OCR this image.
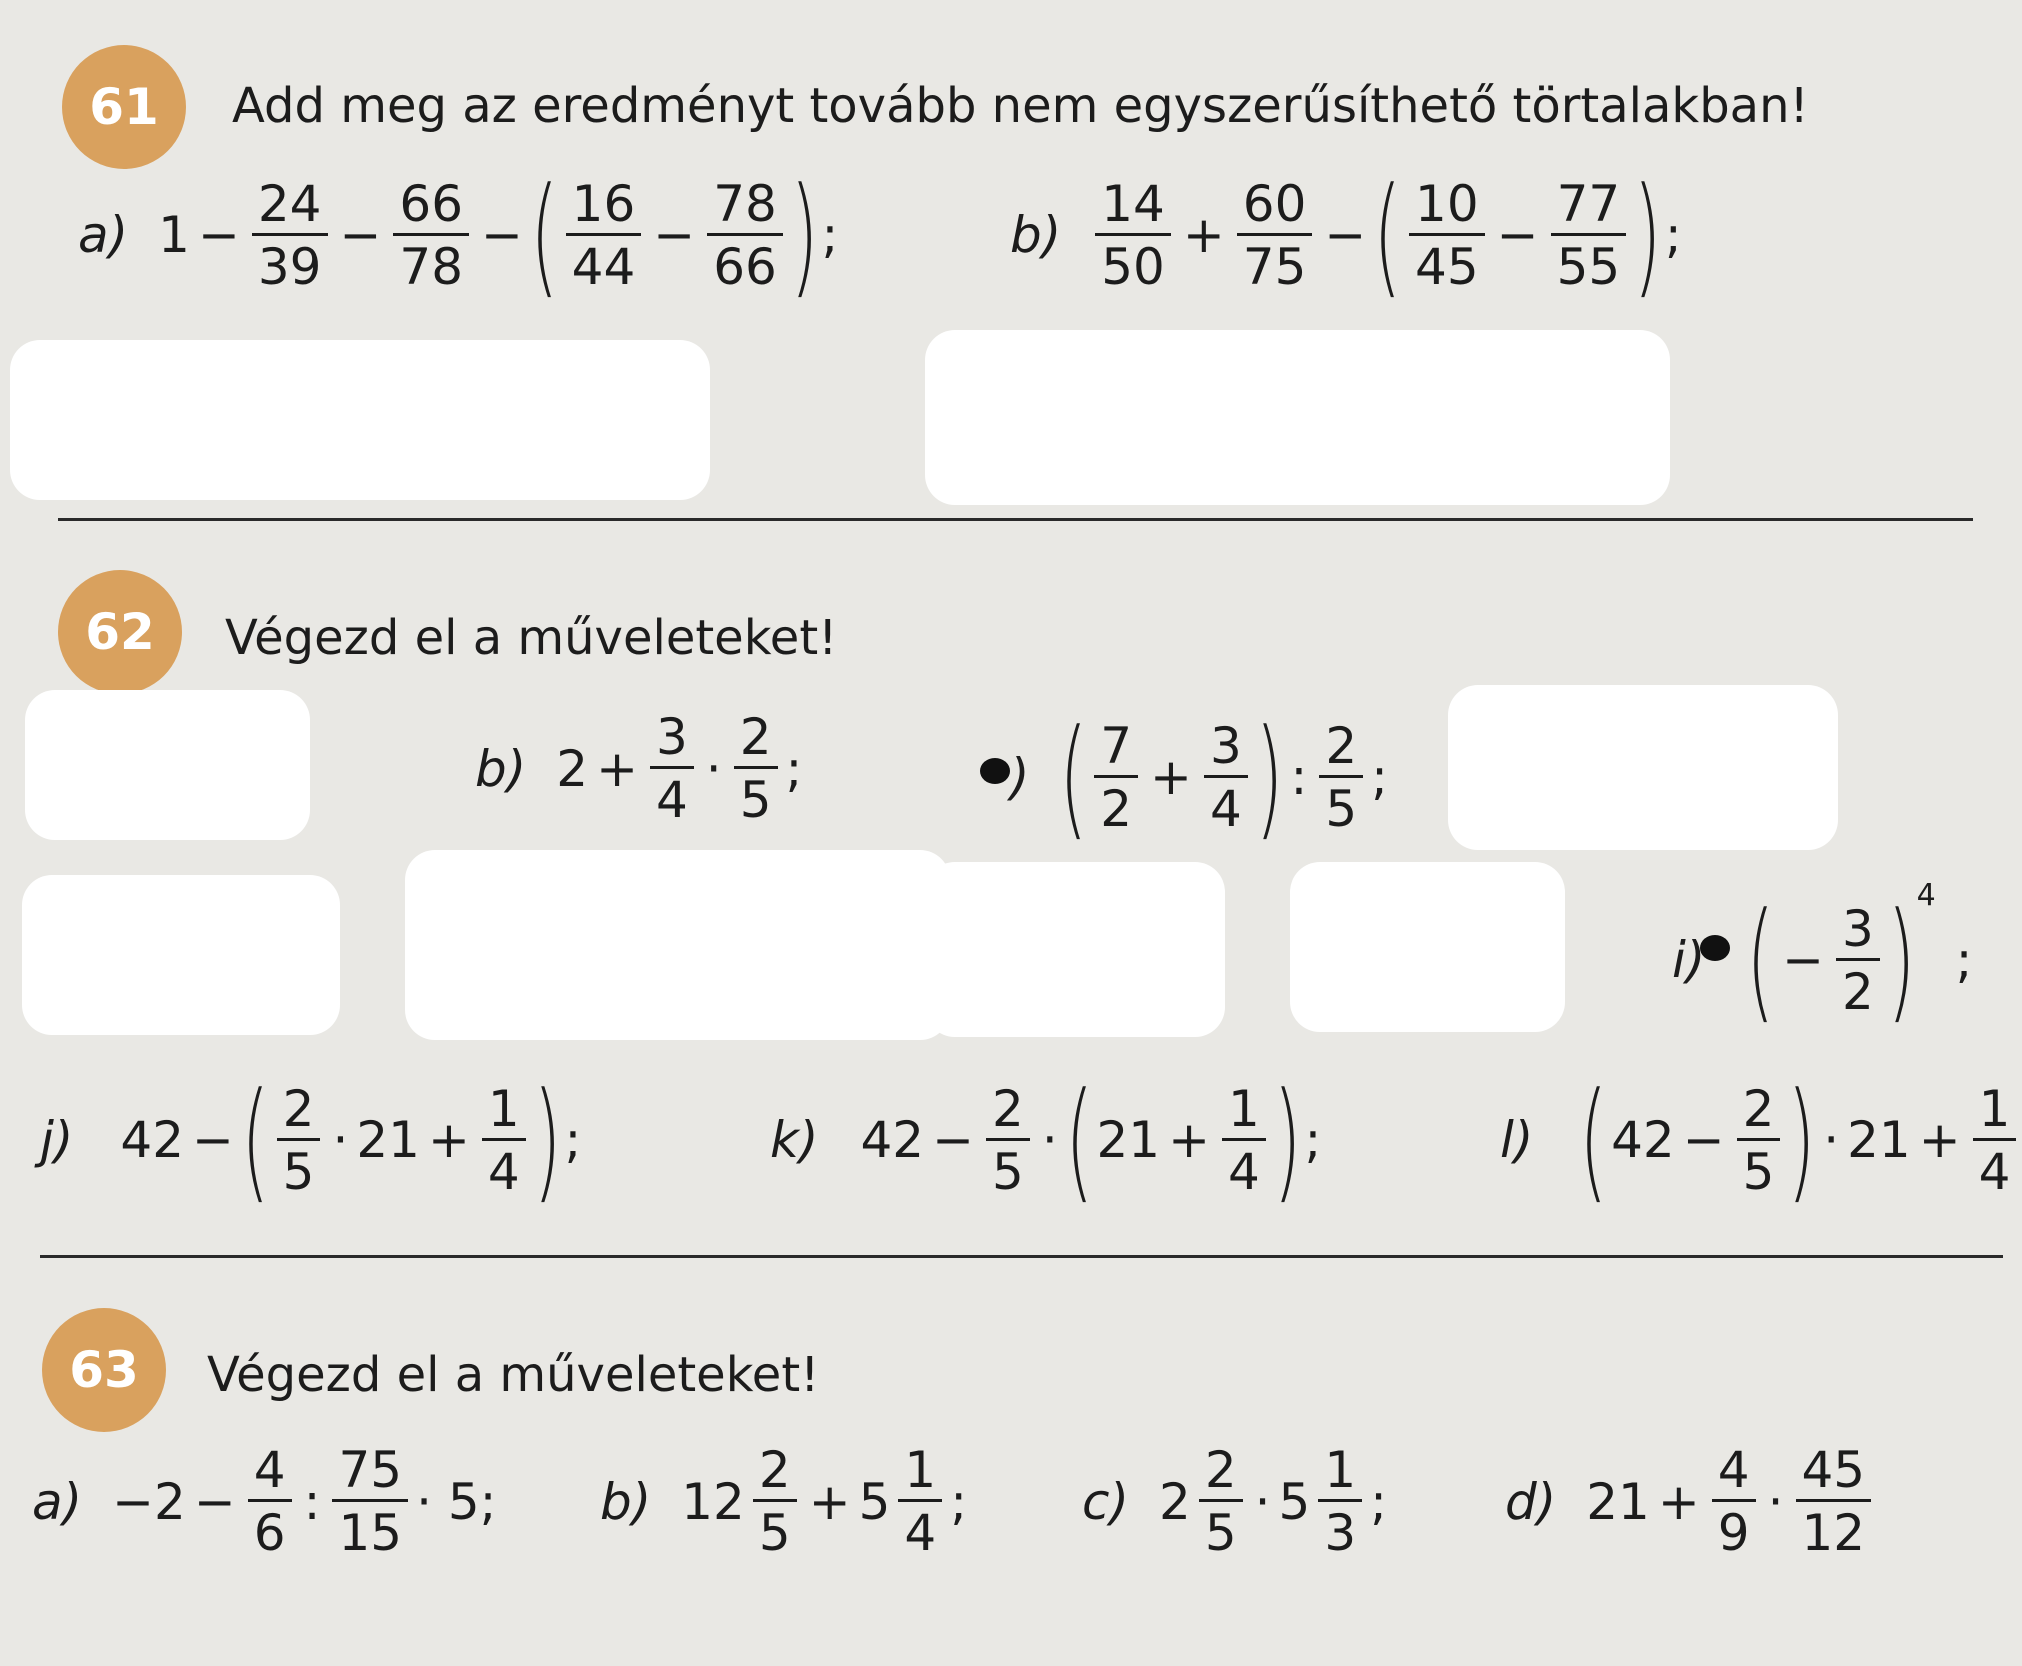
61	Add meg az eredményt tovább nem egyszerűsíthető törtalakban!
a) $1 - \frac{24}{39} - \frac{66}{78}$ − ( $\frac{16}{44} - \frac{78}{66}$ ) ;	$b) \frac{14}{50} + \frac{60}{75}$ − ( $\frac{10}{45} - \frac{77}{55}$ ) ;
62	Végezd el a műveleteket!
b) $2 + \frac{3}{4} \cdot \frac{2}{5}$ ;	) ( $\frac{7}{2} + \frac{3}{4}$ ) : $\frac{2}{5}$ ;
i) ( − $\frac{3}{2}$ ) 4
;
j) 42 − ( $\frac{2}{5} \cdot 21 + \frac{1}{4}$ ) ;	k) $42 - \frac{2}{5}$ · ( $21 + \frac{1}{4}$ ) ;	l) ( $42 - \frac{2}{5}$ ) · $21 + \frac{1}{4}$
63	Végezd el a műveleteket!
$a) -2 - \frac{4}{6}$ : $\frac{75}{15} \cdot 5$; b) $12 \frac{2}{5} + 5 \frac{1}{4}$ ; c) $2 \frac{2}{5} \cdot 5 \frac{1}{3}$ ; d) $21 + \frac{4}{9} \cdot \frac{45}{12}$
